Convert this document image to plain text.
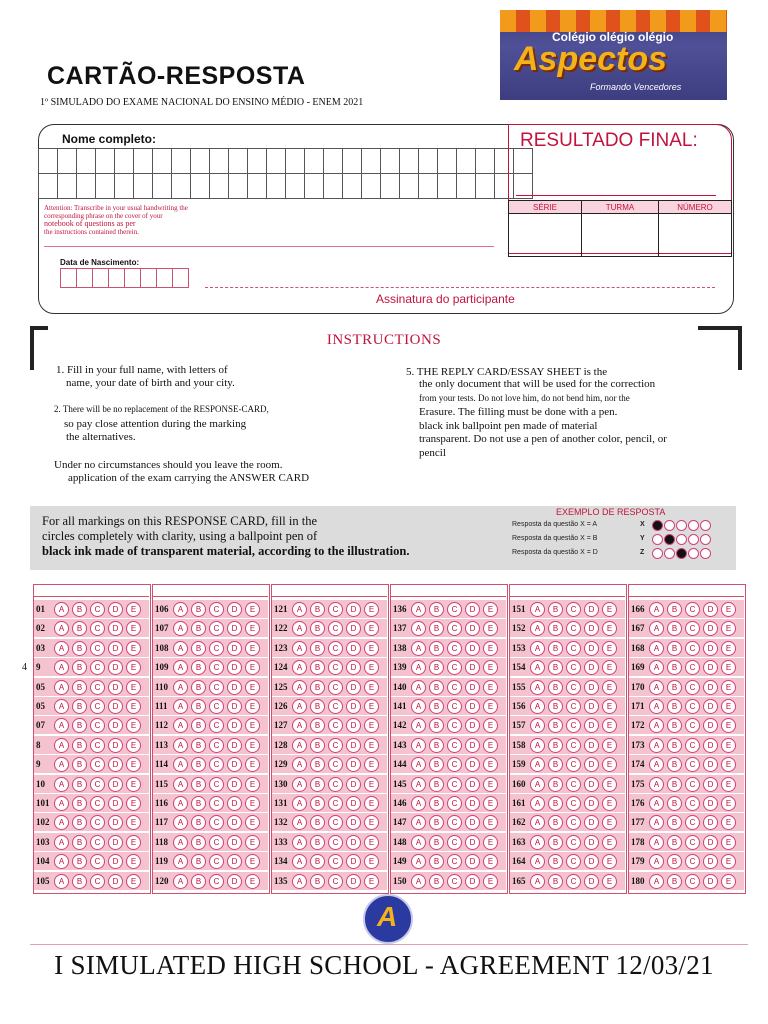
CARTÃO-RESPOSTA
1º SIMULADO DO EXAME NACIONAL DO ENSINO MÉDIO - ENEM 2021
Colégio olégio olégio
Aspectos
Formando Vencedores
Nome completo:

Attention: Transcribe in your usual handwriting the
corresponding phrase on the cover of your
notebook of questions as per
the instructions contained therein.
Data de Nascimento:

Assinatura do participante
RESULTADO FINAL:
SÉRIE	TURMA	NÚMERO

INSTRUCTIONS
1. Fill in your full name, with letters of
name, your date of birth and your city.
2. There will be no replacement of the RESPONSE-CARD,
so pay close attention during the marking
the alternatives.
Under no circumstances should you leave the room.
application of the exam carrying the ANSWER CARD
5. THE REPLY CARD/ESSAY SHEET is the
the only document that will be used for the correction
from your tests. Do not love him, do not bend him, nor the
Erasure. The filling must be done with a pen.
black ink ballpoint pen made of material
transparent. Do not use a pen of another color, pencil, or
pencil
For all markings on this RESPONSE CARD, fill in the
circles completely with clarity, using a ballpoint pen of
black ink made of transparent material, according to the illustration.
EXEMPLO DE RESPOSTA
Resposta da questão X = A	X
Resposta da questão X = B	Y
Resposta da questão X = D	Z
01	A	B	C	D	E
02	A	B	C	D	E
03	A	B	C	D	E
9	A	B	C	D	E
05	A	B	C	D	E
05	A	B	C	D	E
07	A	B	C	D	E
8	A	B	C	D	E
9	A	B	C	D	E
10	A	B	C	D	E
101	A	B	C	D	E
102	A	B	C	D	E
103	A	B	C	D	E
104	A	B	C	D	E
105	A	B	C	D	E
106	A	B	C	D	E
107	A	B	C	D	E
108	A	B	C	D	E
109	A	B	C	D	E
110	A	B	C	D	E
111	A	B	C	D	E
112	A	B	C	D	E
113	A	B	C	D	E
114	A	B	C	D	E
115	A	B	C	D	E
116	A	B	C	D	E
117	A	B	C	D	E
118	A	B	C	D	E
119	A	B	C	D	E
120	A	B	C	D	E
121	A	B	C	D	E
122	A	B	C	D	E
123	A	B	C	D	E
124	A	B	C	D	E
125	A	B	C	D	E
126	A	B	C	D	E
127	A	B	C	D	E
128	A	B	C	D	E
129	A	B	C	D	E
130	A	B	C	D	E
131	A	B	C	D	E
132	A	B	C	D	E
133	A	B	C	D	E
134	A	B	C	D	E
135	A	B	C	D	E
136	A	B	C	D	E
137	A	B	C	D	E
138	A	B	C	D	E
139	A	B	C	D	E
140	A	B	C	D	E
141	A	B	C	D	E
142	A	B	C	D	E
143	A	B	C	D	E
144	A	B	C	D	E
145	A	B	C	D	E
146	A	B	C	D	E
147	A	B	C	D	E
148	A	B	C	D	E
149	A	B	C	D	E
150	A	B	C	D	E
151	A	B	C	D	E
152	A	B	C	D	E
153	A	B	C	D	E
154	A	B	C	D	E
155	A	B	C	D	E
156	A	B	C	D	E
157	A	B	C	D	E
158	A	B	C	D	E
159	A	B	C	D	E
160	A	B	C	D	E
161	A	B	C	D	E
162	A	B	C	D	E
163	A	B	C	D	E
164	A	B	C	D	E
165	A	B	C	D	E
166	A	B	C	D	E
167	A	B	C	D	E
168	A	B	C	D	E
169	A	B	C	D	E
170	A	B	C	D	E
171	A	B	C	D	E
172	A	B	C	D	E
173	A	B	C	D	E
174	A	B	C	D	E
175	A	B	C	D	E
176	A	B	C	D	E
177	A	B	C	D	E
178	A	B	C	D	E
179	A	B	C	D	E
180	A	B	C	D	E
4
A
I SIMULATED HIGH SCHOOL - AGREEMENT 12/03/21
